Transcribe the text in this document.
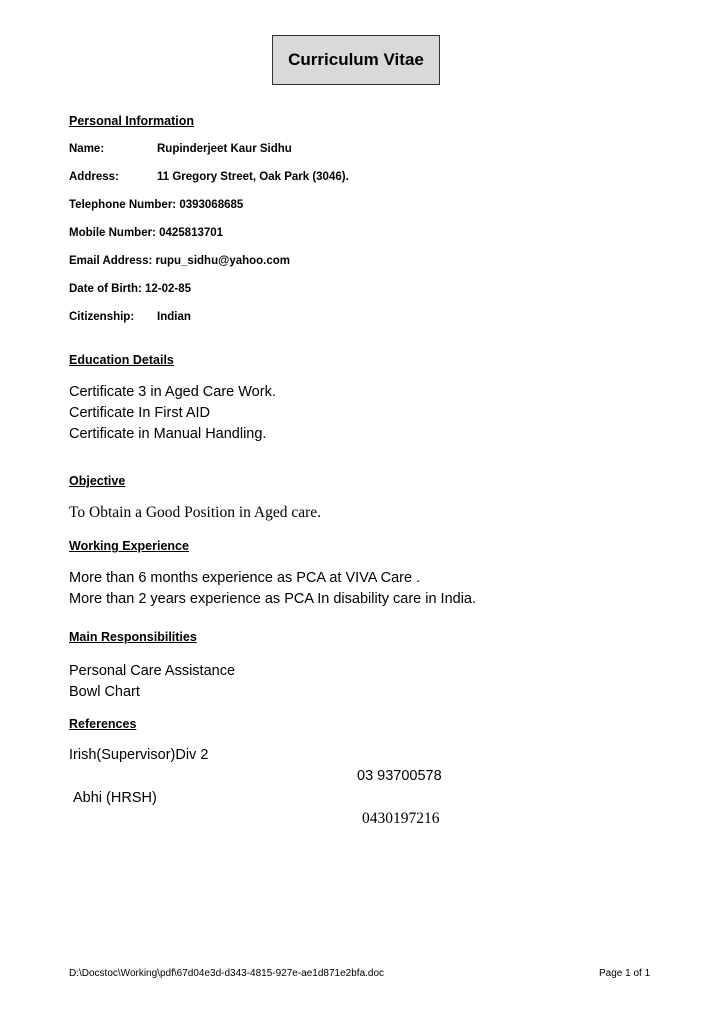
Curriculum Vitae
Personal Information
Name:	Rupinderjeet Kaur Sidhu
Address:	11 Gregory Street, Oak Park (3046).
Telephone Number: 0393068685
Mobile Number: 0425813701
Email Address: rupu_sidhu@yahoo.com
Date of Birth: 12-02-85
Citizenship: Indian
Education Details
Certificate 3 in Aged Care Work.
Certificate In First AID
Certificate in Manual Handling.
Objective
To Obtain a Good Position in Aged care.
Working Experience
More than 6 months experience as PCA at VIVA Care .
More than 2 years experience as PCA In disability care in India.
Main Responsibilities
Personal Care Assistance
Bowl Chart
References
Irish(Supervisor)Div 2
03 93700578
Abhi (HRSH)
0430197216
D:\Docstoc\Working\pdf\67d04e3d-d343-4815-927e-ae1d871e2bfa.doc	Page 1 of 1
